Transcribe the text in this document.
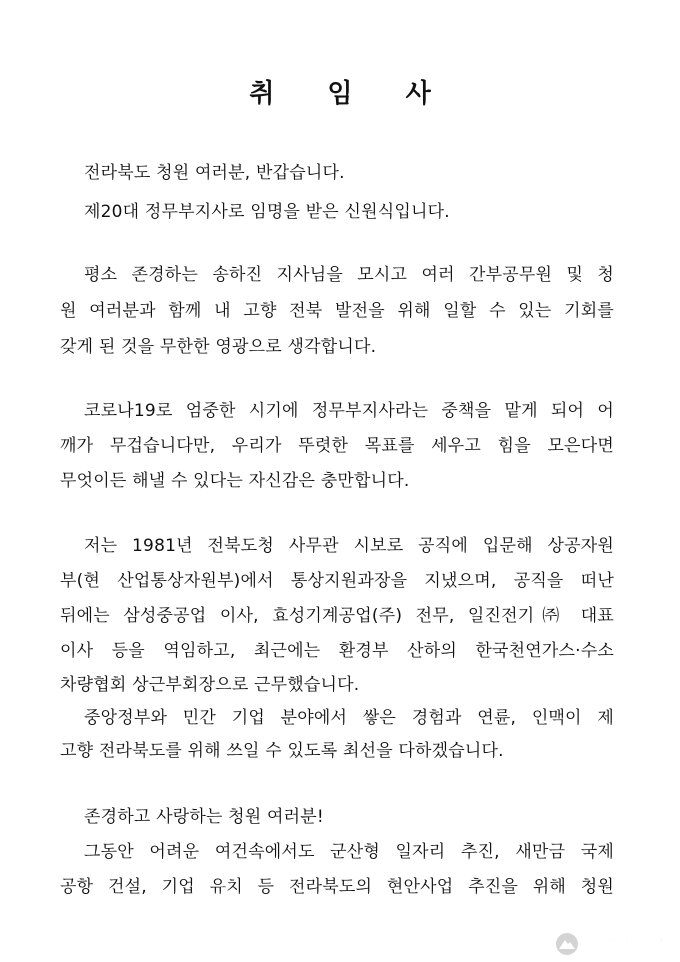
취 임 사
전라북도 청원 여러분, 반갑습니다.
제20대 정무부지사로 임명을 받은 신원식입니다.
평소 존경하는 송하진 지사님을 모시고 여러 간부공무원 및 청
원 여러분과 함께 내 고향 전북 발전을 위해 일할 수 있는 기회를
갖게 된 것을 무한한 영광으로 생각합니다.
코로나19로 엄중한 시기에 정무부지사라는 중책을 맡게 되어 어
깨가 무겁습니다만, 우리가 뚜렷한 목표를 세우고 힘을 모은다면
무엇이든 해낼 수 있다는 자신감은 충만합니다.
저는 1981년 전북도청 사무관 시보로 공직에 입문해 상공자원
부(현 산업통상자원부)에서 통상지원과장을 지냈으며, 공직을 떠난
뒤에는 삼성중공업 이사, 효성기계공업(주) 전무, 일진전기㈜ 대표
이사 등을 역임하고, 최근에는 환경부 산하의 한국천연가스·수소
차량협회 상근부회장으로 근무했습니다.
중앙정부와 민간 기업 분야에서 쌓은 경험과 연륜, 인맥이 제
고향 전라북도를 위해 쓰일 수 있도록 최선을 다하겠습니다.
존경하고 사랑하는 청원 여러분!
그동안 어려운 여건속에서도 군산형 일자리 추진, 새만금 국제
공항 건설, 기업 유치 등 전라북도의 현안사업 추진을 위해 청원
무진장뉴스
